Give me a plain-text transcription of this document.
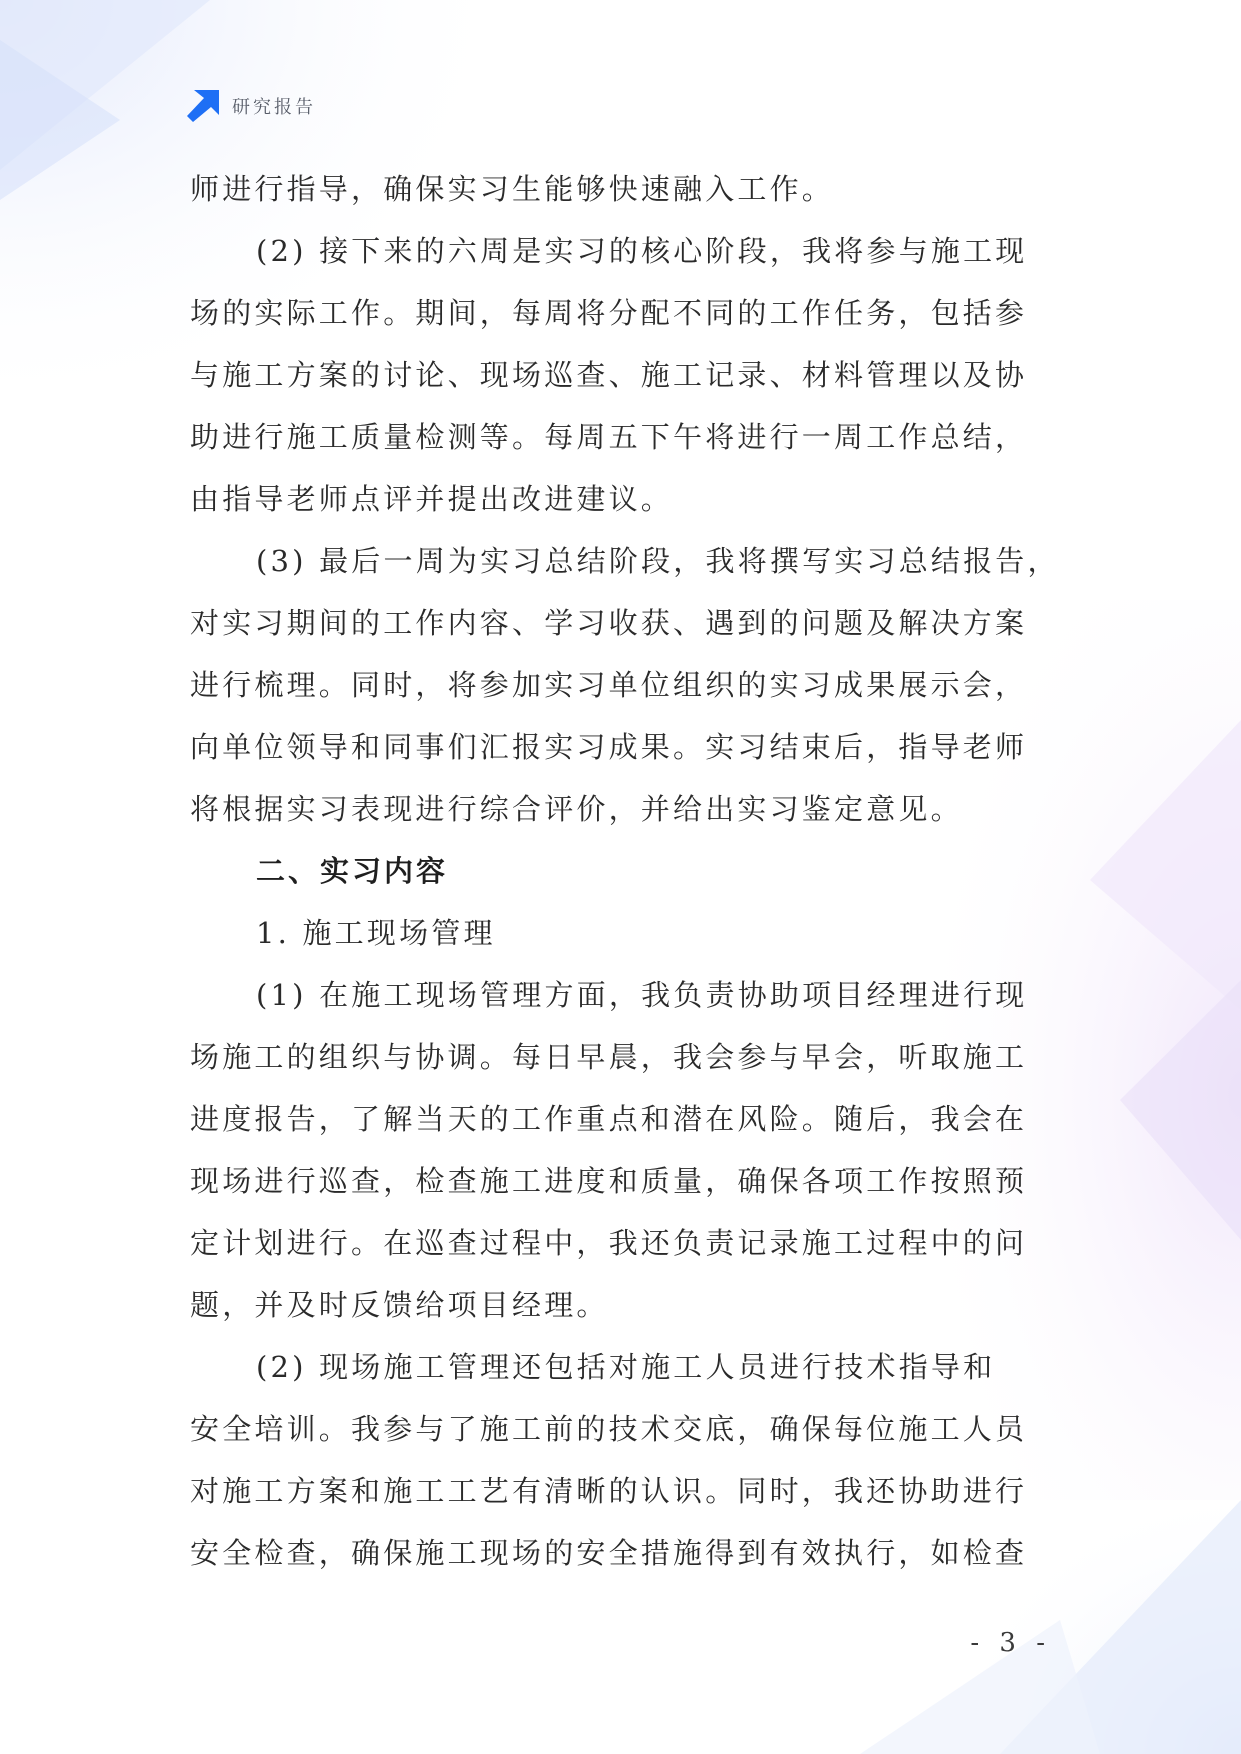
研究报告
师进行指导，确保实习生能够快速融入工作。
(2) 接下来的六周是实习的核心阶段，我将参与施工现
场的实际工作。期间，每周将分配不同的工作任务，包括参
与施工方案的讨论、现场巡查、施工记录、材料管理以及协
助进行施工质量检测等。每周五下午将进行一周工作总结，
由指导老师点评并提出改进建议。
(3) 最后一周为实习总结阶段，我将撰写实习总结报告，
对实习期间的工作内容、学习收获、遇到的问题及解决方案
进行梳理。同时，将参加实习单位组织的实习成果展示会，
向单位领导和同事们汇报实习成果。实习结束后，指导老师
将根据实习表现进行综合评价，并给出实习鉴定意见。
二、实习内容
1. 施工现场管理
(1) 在施工现场管理方面，我负责协助项目经理进行现
场施工的组织与协调。每日早晨，我会参与早会，听取施工
进度报告，了解当天的工作重点和潜在风险。随后，我会在
现场进行巡查，检查施工进度和质量，确保各项工作按照预
定计划进行。在巡查过程中，我还负责记录施工过程中的问
题，并及时反馈给项目经理。
(2) 现场施工管理还包括对施工人员进行技术指导和
安全培训。我参与了施工前的技术交底，确保每位施工人员
对施工方案和施工工艺有清晰的认识。同时，我还协助进行
安全检查，确保施工现场的安全措施得到有效执行，如检查
- 3 -
